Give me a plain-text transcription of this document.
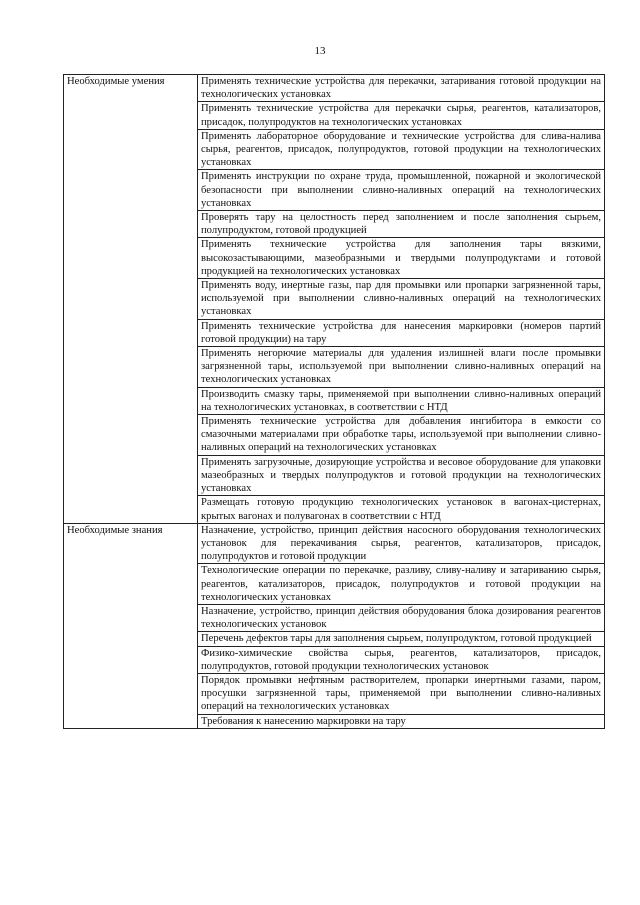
13
Необходимые умения	Применять технические устройства для перекачки, затаривания готовой продукции на технологических установках
	Применять технические устройства для перекачки сырья, реагентов, катализаторов, присадок, полупродуктов на технологических установках
	Применять лабораторное оборудование и технические устройства для слива-налива сырья, реагентов, присадок, полупродуктов, готовой продукции на технологических установках
	Применять инструкции по охране труда, промышленной, пожарной и экологической безопасности при выполнении сливно-наливных операций на технологических установках
	Проверять тару на целостность перед заполнением и после заполнения сырьем, полупродуктом, готовой продукцией
	Применять технические устройства для заполнения тары вязкими, высокозастывающими, мазеобразными и твердыми полупродуктами и готовой продукцией на технологических установках
	Применять воду, инертные газы, пар для промывки или пропарки загрязненной тары, используемой при выполнении сливно-наливных операций на технологических установках
	Применять технические устройства для нанесения маркировки (номеров партий готовой продукции) на тару
	Применять негорючие материалы для удаления излишней влаги после промывки загрязненной тары, используемой при выполнении сливно-наливных операций на технологических установках
	Производить смазку тары, применяемой при выполнении сливно-наливных операций на технологических установках, в соответствии с НТД
	Применять технические устройства для добавления ингибитора в емкости со смазочными материалами при обработке тары, используемой при выполнении сливно-наливных операций на технологических установках
	Применять загрузочные, дозирующие устройства и весовое оборудование для упаковки мазеобразных и твердых полупродуктов и готовой продукции на технологических установках
	Размещать готовую продукцию технологических установок в вагонах-цистернах, крытых вагонах и полувагонах в соответствии с НТД
Необходимые знания	Назначение, устройство, принцип действия насосного оборудования технологических установок для перекачивания сырья, реагентов, катализаторов, присадок, полупродуктов и готовой продукции
	Технологические операции по перекачке, разливу, сливу-наливу и затариванию сырья, реагентов, катализаторов, присадок, полупродуктов и готовой продукции на технологических установках
	Назначение, устройство, принцип действия оборудования блока дозирования реагентов технологических установок
	Перечень дефектов тары для заполнения сырьем, полупродуктом, готовой продукцией
	Физико-химические свойства сырья, реагентов, катализаторов, присадок, полупродуктов, готовой продукции технологических установок
	Порядок промывки нефтяным растворителем, пропарки инертными газами, паром, просушки загрязненной тары, применяемой при выполнении сливно-наливных операций на технологических установках
	Требования к нанесению маркировки на тару
